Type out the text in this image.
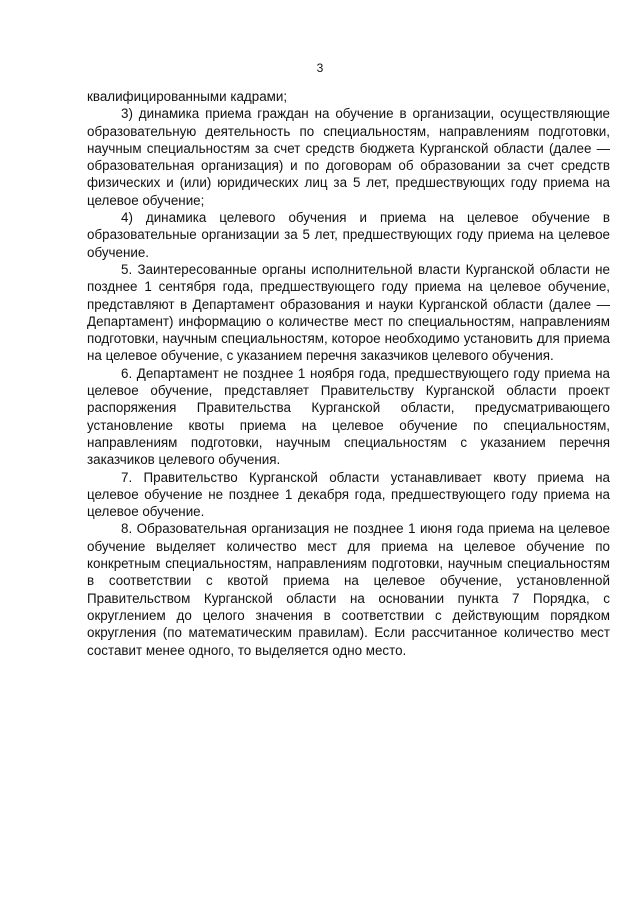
3

квалифицированными кадрами;

3) динамика приема граждан на обучение в организации, осуществляющие образовательную деятельность по специальностям, направлениям подготовки, научным специальностям за счет средств бюджета Курганской области (далее — образовательная организация) и по договорам об образовании за счет средств физических и (или) юридических лиц за 5 лет, предшествующих году приема на целевое обучение;

4) динамика целевого обучения и приема на целевое обучение в образовательные организации за 5 лет, предшествующих году приема на целевое обучение.

5. Заинтересованные органы исполнительной власти Курганской области не позднее 1 сентября года, предшествующего году приема на целевое обучение, представляют в Департамент образования и науки Курганской области (далее — Департамент) информацию о количестве мест по специальностям, направлениям подготовки, научным специальностям, которое необходимо установить для приема на целевое обучение, с указанием перечня заказчиков целевого обучения.

6. Департамент не позднее 1 ноября года, предшествующего году приема на целевое обучение, представляет Правительству Курганской области проект распоряжения Правительства Курганской области, предусматривающего установление квоты приема на целевое обучение по специальностям, направлениям подготовки, научным специальностям с указанием перечня заказчиков целевого обучения.

7. Правительство Курганской области устанавливает квоту приема на целевое обучение не позднее 1 декабря года, предшествующего году приема на целевое обучение.

8. Образовательная организация не позднее 1 июня года приема на целевое обучение выделяет количество мест для приема на целевое обучение по конкретным специальностям, направлениям подготовки, научным специальностям в соответствии с квотой приема на целевое обучение, установленной Правительством Курганской области на основании пункта 7 Порядка, с округлением до целого значения в соответствии с действующим порядком округления (по математическим правилам). Если рассчитанное количество мест составит менее одного, то выделяется одно место.
